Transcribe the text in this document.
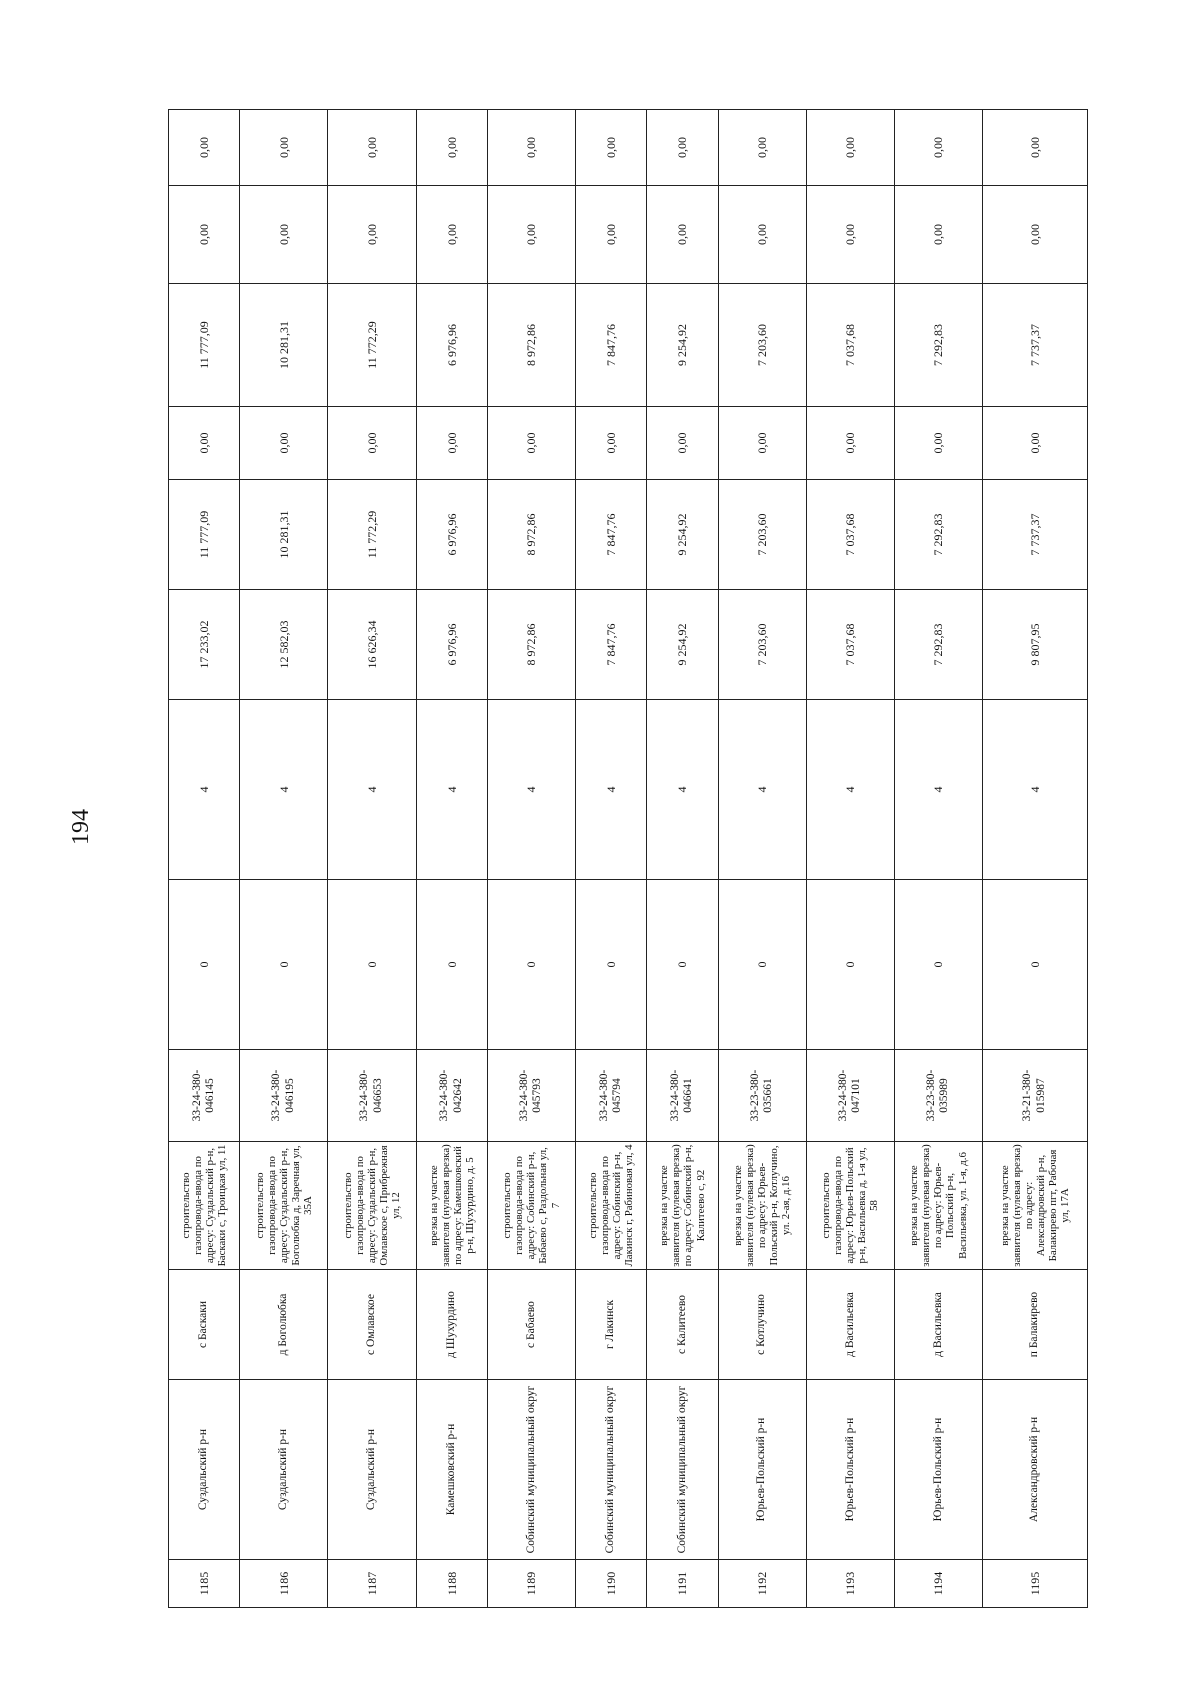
194
1185	Суздальский р-н	с Баскаки	строительство газопровода-ввода по адресу: Суздальский р-н, Баскаки с, Троицкая ул, 11	33-24-380-046145	0	4	17 233,02	11 777,09	0,00	11 777,09	0,00	0,00
1186	Суздальский р-н	д Боголюбка	строительство газопровода-ввода по адресу: Суздальский р-н, Боголюбка д, Заречная ул, 35А	33-24-380-046195	0	4	12 582,03	10 281,31	0,00	10 281,31	0,00	0,00
1187	Суздальский р-н	с Омлавское	строительство газопровода-ввода по адресу: Суздальский р-н, Омлавское с, Прибрежная ул, 12	33-24-380-046653	0	4	16 626,34	11 772,29	0,00	11 772,29	0,00	0,00
1188	Камешковский р-н	д Шухурдино	врезка на участке заявителя (нулевая врезка) по адресу: Камешковский р-н, Шухурдино, д. 5	33-24-380-042642	0	4	6 976,96	6 976,96	0,00	6 976,96	0,00	0,00
1189	Собинский муниципальный округ	с Бабаево	строительство газопровода-ввода по адресу: Собинский р-н, Бабаево с, Раздольная ул, 7	33-24-380-045793	0	4	8 972,86	8 972,86	0,00	8 972,86	0,00	0,00
1190	Собинский муниципальный округ	г Лакинск	строительство газопровода-ввода по адресу: Собинский р-н, Лакинск г, Рабиновая ул, 4	33-24-380-045794	0	4	7 847,76	7 847,76	0,00	7 847,76	0,00	0,00
1191	Собинский муниципальный округ	с Калитеево	врезка на участке заявителя (нулевая врезка) по адресу: Собинский р-н, Калитеево с, 92	33-24-380-046641	0	4	9 254,92	9 254,92	0,00	9 254,92	0,00	0,00
1192	Юрьев-Польский р-н	с Котлучино	врезка на участке заявителя (нулевая врезка) по адресу: Юрьев-Польский р-н, Котлучино, ул. 2-ая, д.16	33-23-380-035661	0	4	7 203,60	7 203,60	0,00	7 203,60	0,00	0,00
1193	Юрьев-Польский р-н	д Васильевка	строительство газопровода-ввода по адресу: Юрьев-Польский р-н, Васильевка д, 1-я ул, 58	33-24-380-047101	0	4	7 037,68	7 037,68	0,00	7 037,68	0,00	0,00
1194	Юрьев-Польский р-н	д Васильевка	врезка на участке заявителя (нулевая врезка) по адресу: Юрьев-Польский р-н, Васильевка, ул. 1-я, д.6	33-23-380-035989	0	4	7 292,83	7 292,83	0,00	7 292,83	0,00	0,00
1195	Александровский р-н	п Балакирево	врезка на участке заявителя (нулевая врезка) по адресу: Александровский р-н, Балакирево пгт, Рабочая ул, 17А	33-21-380-015987	0	4	9 807,95	7 737,37	0,00	7 737,37	0,00	0,00
